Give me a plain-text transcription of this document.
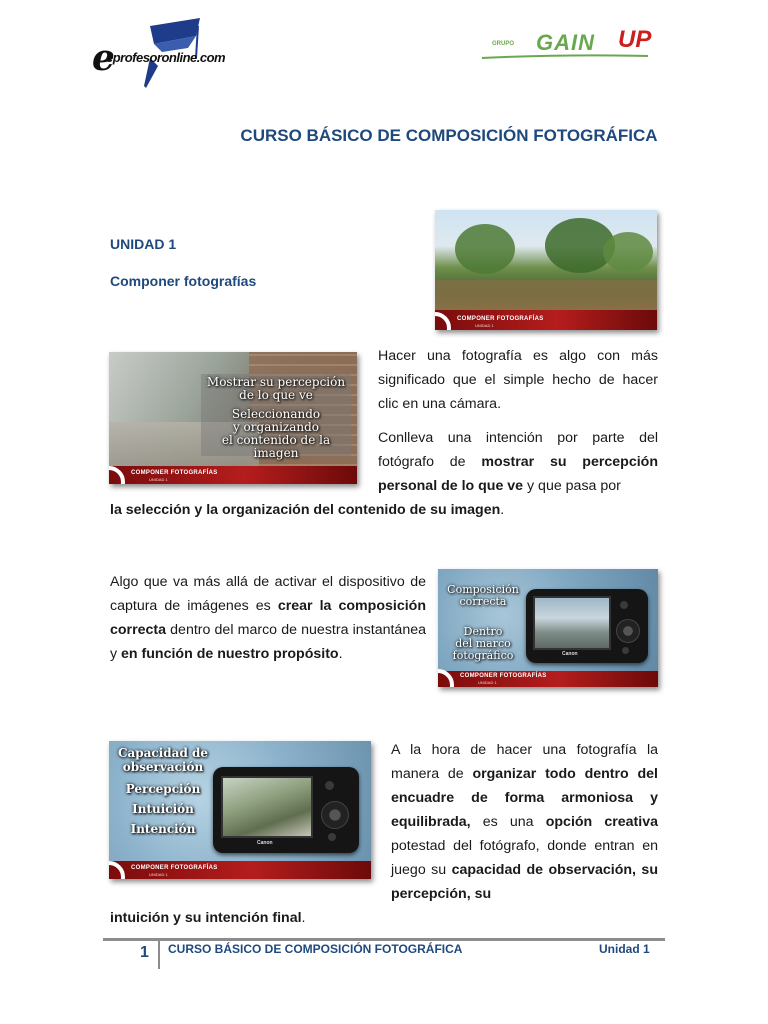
e
eprofesoronline.com
GRUPO GAIN UP
CURSO BÁSICO DE COMPOSICIÓN FOTOGRÁFICA
UNIDAD 1
Componer fotografías
COMPONER FOTOGRAFÍAS
UNIDAD 1
Mostrar su percepción
de lo que ve
Seleccionando
y organizando
el contenido de la imagen
COMPONER FOTOGRAFÍAS
UNIDAD 1
Hacer una fotografía es algo con más significado que el simple hecho de hacer clic en una cámara.
Conlleva una intención por parte del fotógrafo de mostrar su percepción personal de lo que ve y que pasa por
la selección y la organización del contenido de su imagen.
Algo que va más allá de activar el dispositivo de captura de imágenes es crear la composición correcta dentro del marco de nuestra instantánea y en función de nuestro propósito.
Composición
correcta
Dentro
del marco
fotográfico	Canon
COMPONER FOTOGRAFÍAS
UNIDAD 1
Capacidad de
observación
Percepción
Intuición
Intención
Canon
COMPONER FOTOGRAFÍAS
UNIDAD 1
A la hora de hacer una fotografía la manera de organizar todo dentro del encuadre de forma armoniosa y equilibrada, es una opción creativa potestad del fotógrafo, donde entran en juego su capacidad de observación, su percepción, su
intuición y su intención final.
1 CURSO BÁSICO DE COMPOSICIÓN FOTOGRÁFICA	Unidad 1
